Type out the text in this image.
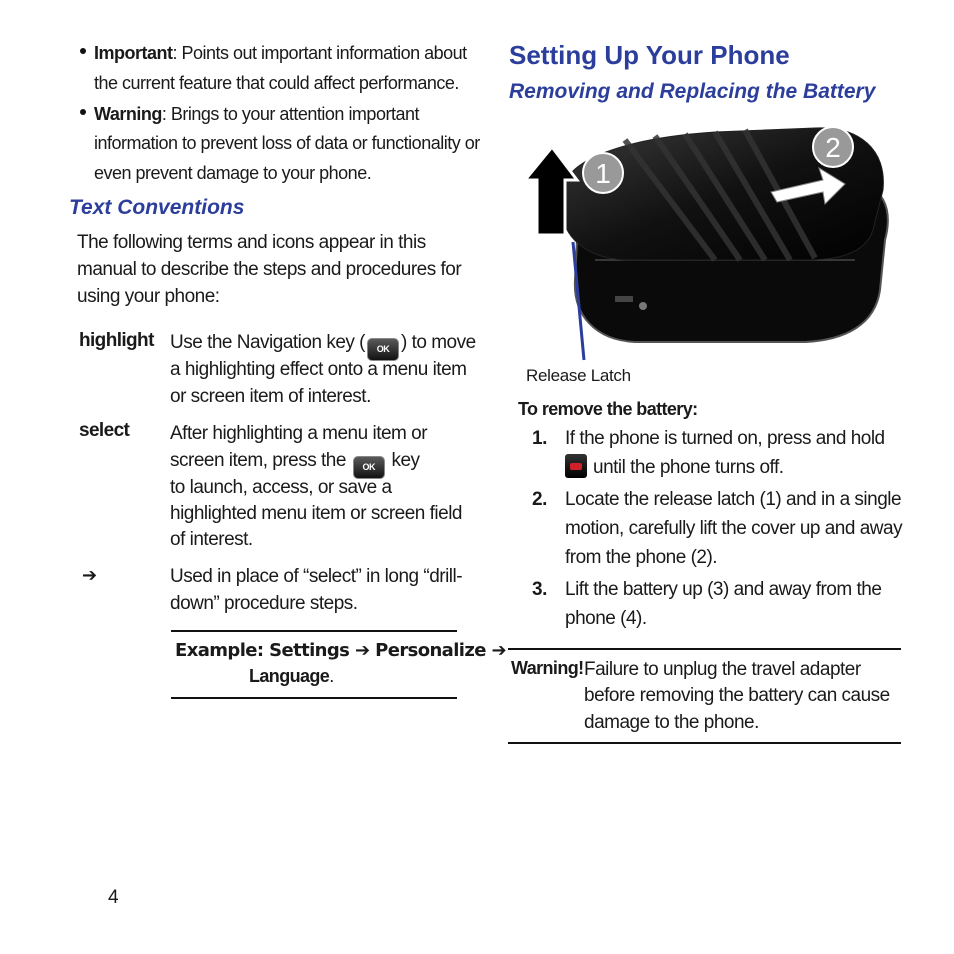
Important: Points out important information about
the current feature that could affect performance.
Warning: Brings to your attention important
information to prevent loss of data or functionality or
even prevent damage to your phone.
Text Conventions
The following terms and icons appear in this
manual to describe the steps and procedures for
using your phone:
highlight Use the Navigation key ( OK ) to move
a highlighting effect onto a menu item
or screen item of interest.
select After highlighting a menu item or
screen item, press the OK key
to launch, access, or save a
highlighted menu item or screen field
of interest.
➔	Used in place of “select” in long “drill-
down” procedure steps.
Example: Settings ➔ Personalize ➔
Language.
4
Setting Up Your Phone
Removing and Replacing the Battery
1
2
Release Latch
To remove the battery:
1. If the phone is turned on, press and hold
until the phone turns off.
2. Locate the release latch (1) and in a single
motion, carefully lift the cover up and away
from the phone (2).
3. Lift the battery up (3) and away from the
phone (4).
Warning! Failure to unplug the travel adapter
before removing the battery can cause
damage to the phone.
